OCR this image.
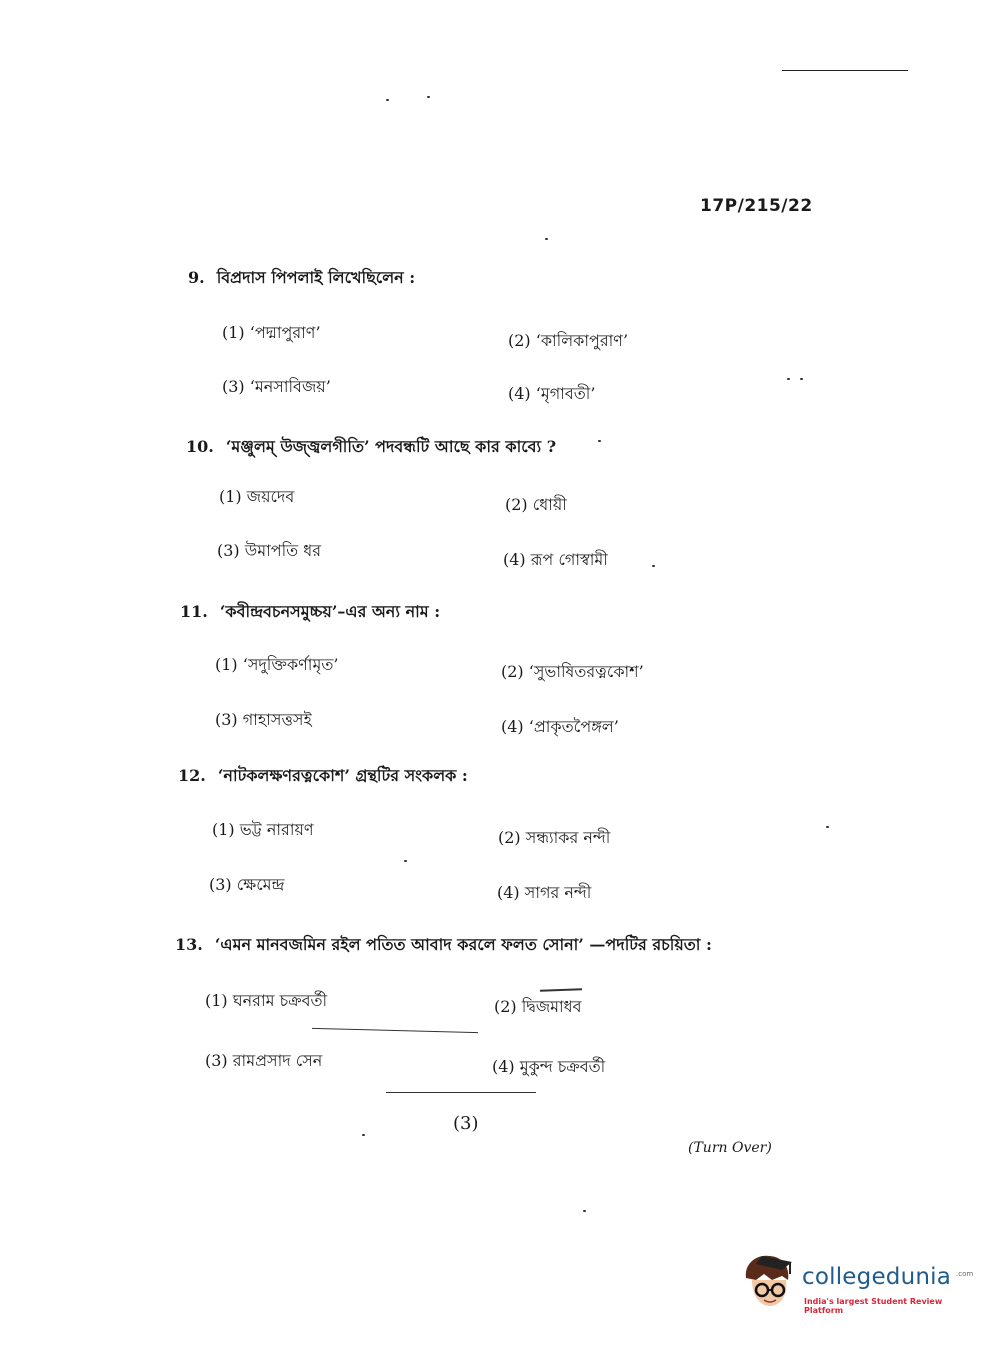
17P/215/22
9. বিপ্রদাস পিপলাই লিখেছিলেন :
(1) ‘পদ্মাপুরাণ’	(2) ‘কালিকাপুরাণ’
(3) ‘মনসাবিজয়’	(4) ‘মৃগাবতী’
10. ‘মঞ্জুলম্ উজ্জ্বলগীতি’ পদবন্ধটি আছে কার কাব্যে ?
(1) জয়দেব	(2) ধোয়ী
(3) উমাপতি ধর	(4) রূপ গোস্বামী
11. ‘কবীন্দ্রবচনসমুচ্চয়’–এর অন্য নাম :
(1) ‘সদুক্তিকর্ণামৃত’	(2) ‘সুভাষিতরত্নকোশ’
(3) গাহাসত্তসই	(4) ‘প্রাকৃতপৈঙ্গল’
12. ‘নাটকলক্ষণরত্নকোশ’ গ্রন্থটির সংকলক :
(1) ভট্ট নারায়ণ	(2) সন্ধ্যাকর নন্দী
(3) ক্ষেমেন্দ্র	(4) সাগর নন্দী
13. ‘এমন মানবজমিন রইল পতিত আবাদ করলে ফলত সোনা’ —পদটির রচয়িতা :
(1) ঘনরাম চক্রবর্তী	(2) দ্বিজমাধব
(3) রামপ্রসাদ সেন	(4) মুকুন্দ চক্রবর্তী
(3)
(Turn Over)
collegedunia .com
India's largest Student Review Platform
